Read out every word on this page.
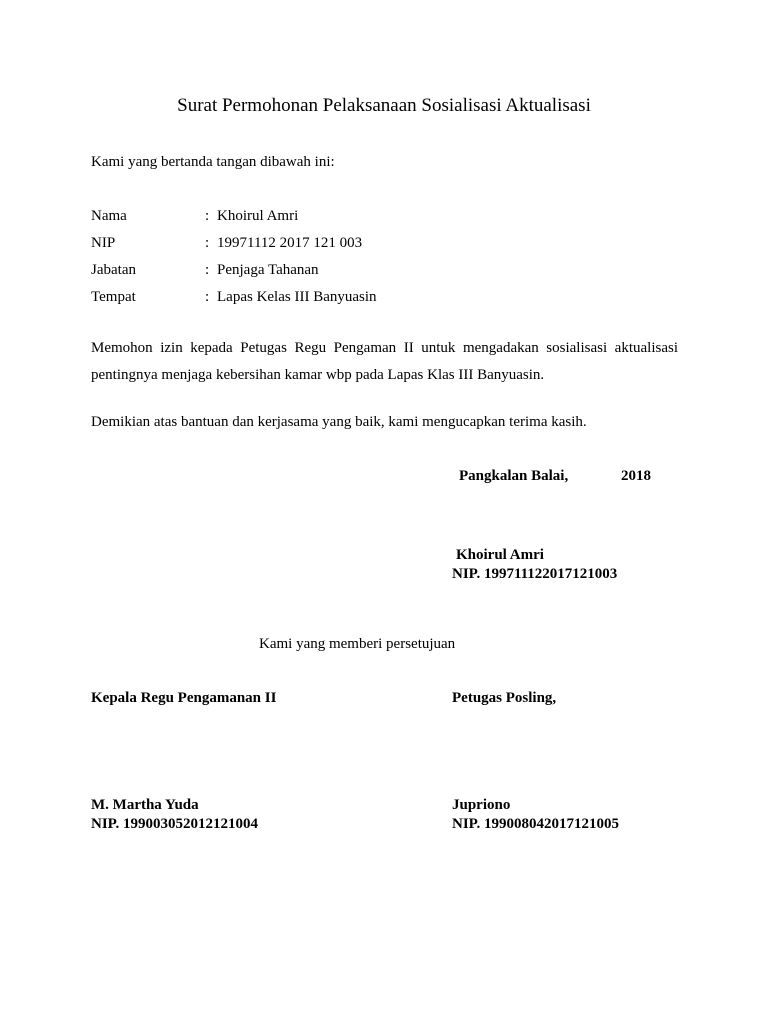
Surat Permohonan Pelaksanaan Sosialisasi Aktualisasi
Kami yang bertanda tangan dibawah ini:
Nama	: Khoirul Amri
NIP	: 19971112 2017 121 003
Jabatan	: Penjaga Tahanan
Tempat	: Lapas Kelas III Banyuasin
Memohon izin kepada Petugas Regu Pengaman II untuk mengadakan sosialisasi aktualisasi pentingnya menjaga kebersihan kamar wbp pada Lapas Klas III Banyuasin.
Demikian atas bantuan dan kerjasama yang baik, kami mengucapkan terima kasih.
Pangkalan Balai,	2018
Khoirul Amri
NIP. 199711122017121003
Kami yang memberi persetujuan
Kepala Regu Pengamanan II
M. Martha Yuda
NIP. 199003052012121004
Petugas Posling,
Jupriono
NIP. 199008042017121005
